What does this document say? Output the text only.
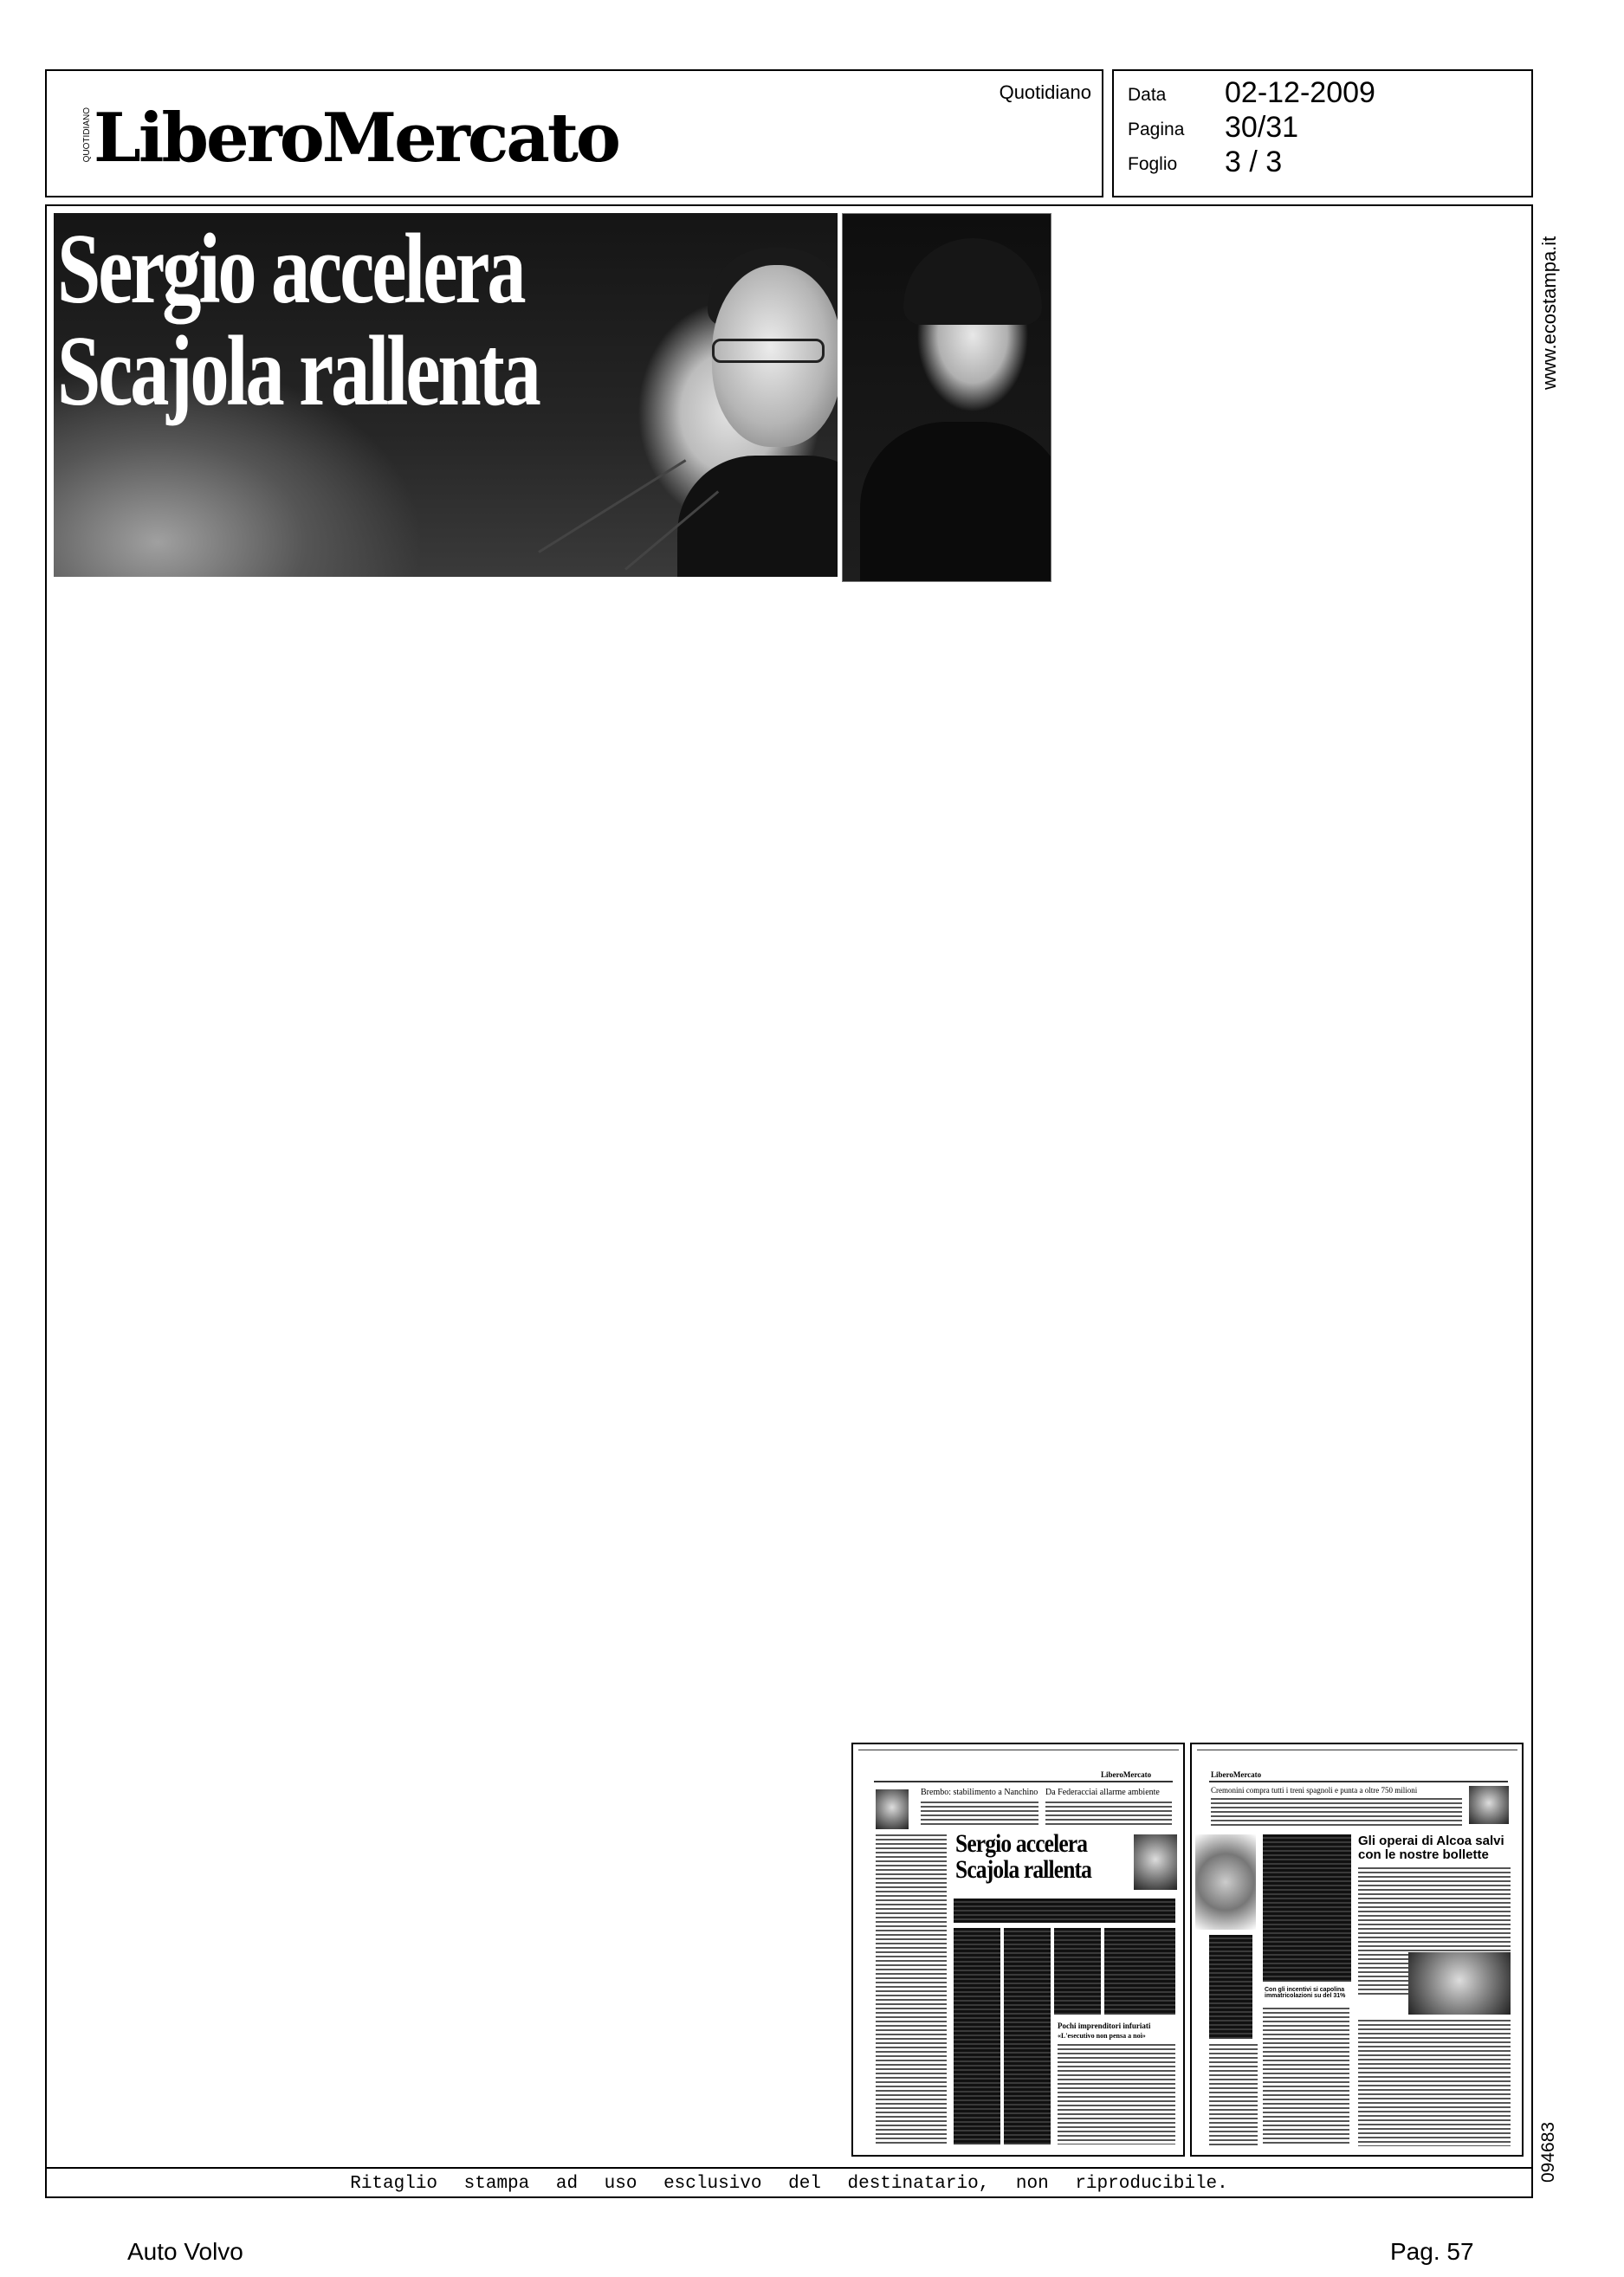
QUOTIDIANO LiberoMercato
Quotidiano Data	02-12-2009
Pagina	30/31
Foglio	3 / 3
Sergio accelera
Scajola rallenta	www.ecostampa.it
094683
LiberoMercato
Brembo: stabilimento a Nanchino Da Federacciai allarme ambiente
Sergio accelera
Scajola rallenta
Pochi imprenditori infuriati
«L'esecutivo non pensa a noi»
LiberoMercato
Cremonini compra tutti i treni spagnoli e punta a oltre 750 milioni
Gli operai di Alcoa salvi
con le nostre bollette
Con gli incentivi si capolina
immatricolazioni su del 31%
Ritaglio stampa ad uso esclusivo del destinatario, non riproducibile.
Auto Volvo	Pag. 57
